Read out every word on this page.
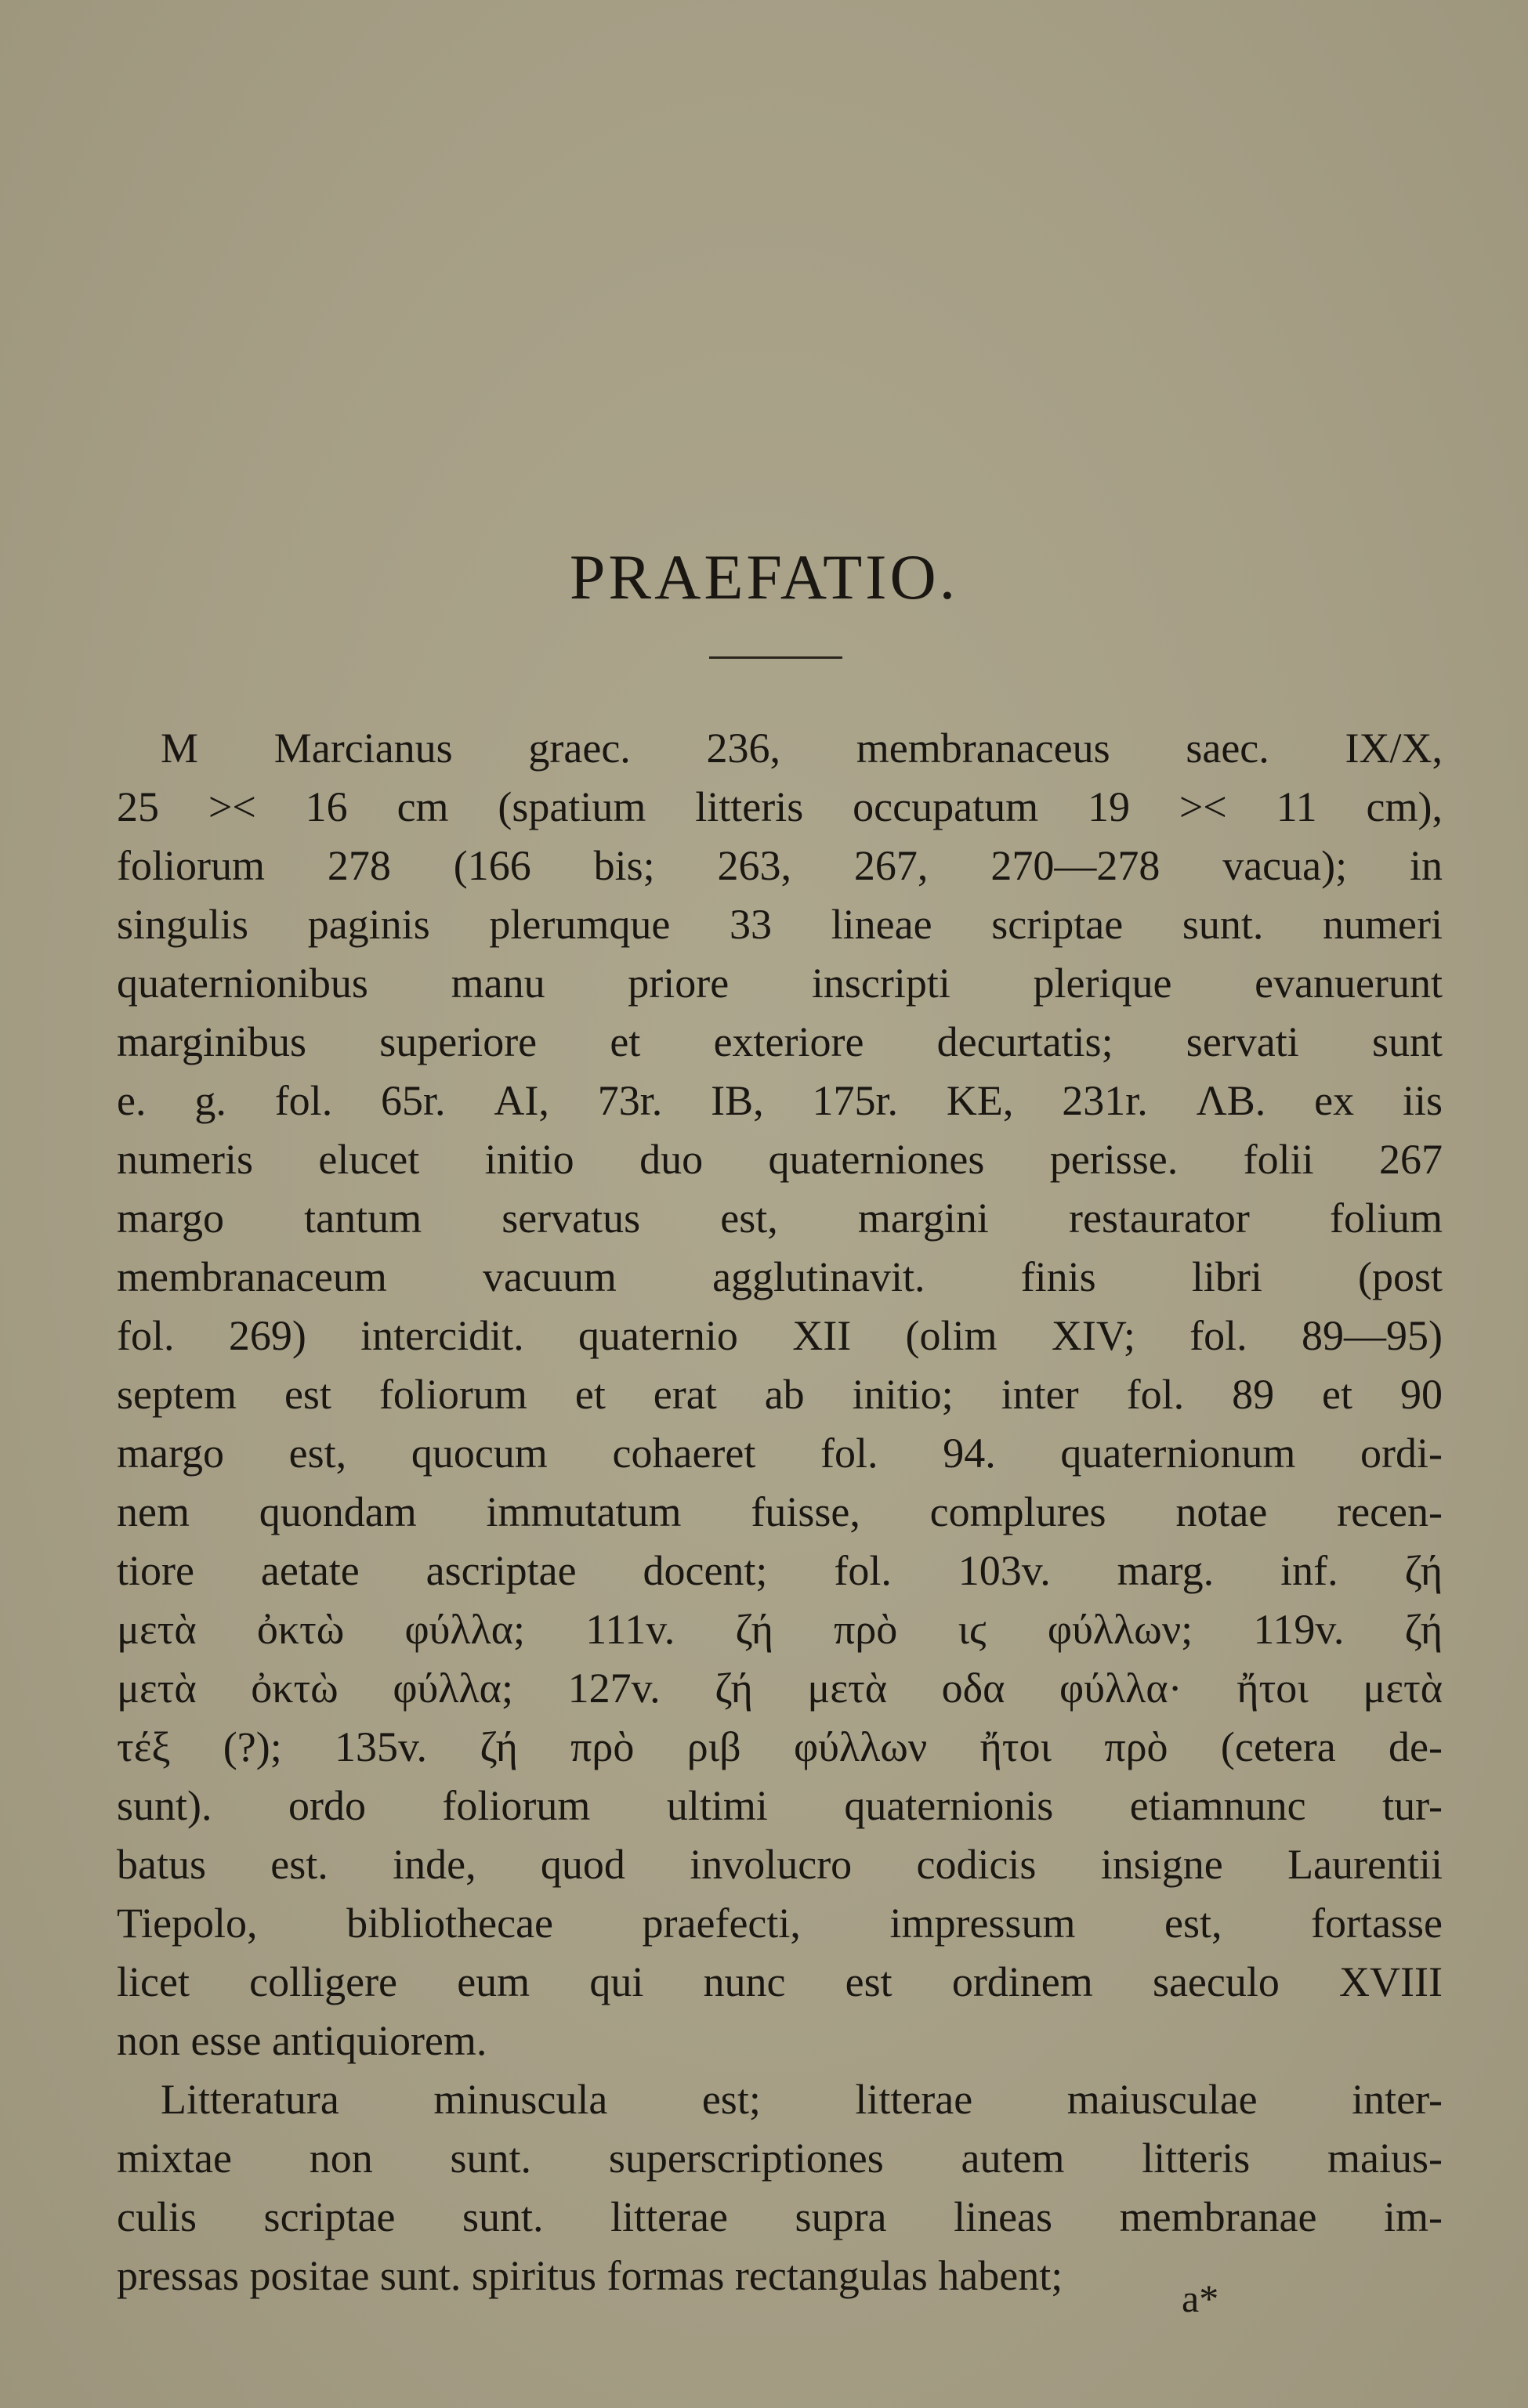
PRAEFATIO.
M Marcianus graec. 236, membranaceus saec. IX/X,
25 >< 16 cm (spatium litteris occupatum 19 >< 11 cm),
foliorum 278 (166 bis; 263, 267, 270—278 vacua); in
singulis paginis plerumque 33 lineae scriptae sunt. numeri
quaternionibus manu priore inscripti plerique evanuerunt
marginibus superiore et exteriore decurtatis; servati sunt
e. g. fol. 65r. ΑΙ, 73r. ΙΒ, 175r. ΚΕ, 231r. ΛΒ. ex iis
numeris elucet initio duo quaterniones perisse. folii 267
margo tantum servatus est, margini restaurator folium
membranaceum vacuum agglutinavit. finis libri (post
fol. 269) intercidit. quaternio XII (olim XIV; fol. 89—95)
septem est foliorum et erat ab initio; inter fol. 89 et 90
margo est, quocum cohaeret fol. 94. quaternionum ordi-
nem quondam immutatum fuisse, complures notae recen-
tiore aetate ascriptae docent; fol. 103v. marg. inf. ζή
μετὰ ὀκτὼ φύλλα; 111v. ζή πρὸ ιϛ φύλλων; 119v. ζή
μετὰ ὀκτὼ φύλλα; 127v. ζή μετὰ οδα φύλλα· ἤτοι μετὰ
τέξ (?); 135v. ζή πρὸ ριβ φύλλων ἤτοι πρὸ (cetera de-
sunt). ordo foliorum ultimi quaternionis etiamnunc tur-
batus est. inde, quod involucro codicis insigne Laurentii
Tiepolo, bibliothecae praefecti, impressum est, fortasse
licet colligere eum qui nunc est ordinem saeculo XVIII
non esse antiquiorem.
Litteratura minuscula est; litterae maiusculae inter-
mixtae non sunt. superscriptiones autem litteris maius-
culis scriptae sunt. litterae supra lineas membranae im-
pressas positae sunt. spiritus formas rectangulas habent;	a*
